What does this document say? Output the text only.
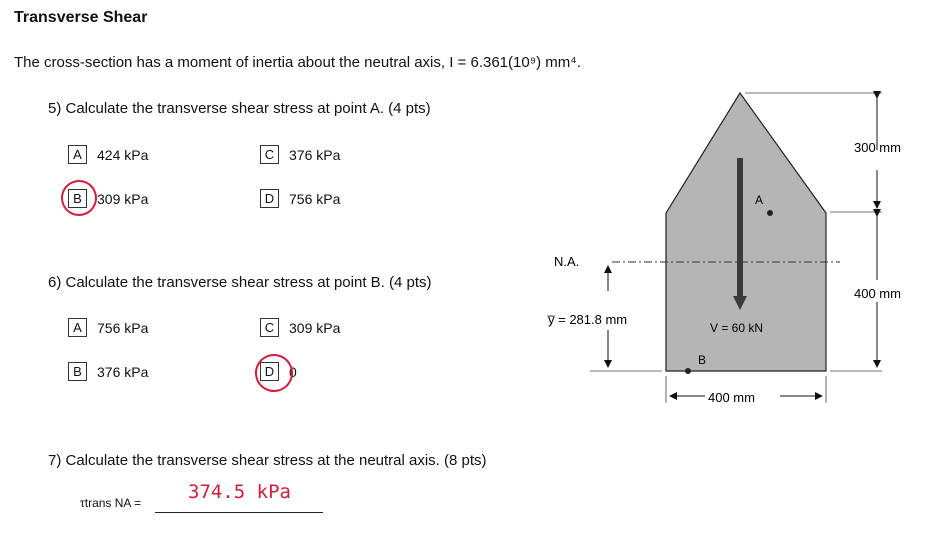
Transverse Shear
The cross-section has a moment of inertia about the neutral axis, I = 6.361(10⁹) mm⁴.
5) Calculate the transverse shear stress at point A. (4 pts)
A	424 kPa	C	376 kPa
B	309 kPa	D	756 kPa
6) Calculate the transverse shear stress at point B. (4 pts)
A	756 kPa	C	309 kPa
B	376 kPa	D	0
7) Calculate the transverse shear stress at the neutral axis. (8 pts)
τtrans NA = 374.5 kPa
300 mm
400 mm
400 mm
N.A.
y̅ = 281.8 mm
V = 60 kN
A
B
